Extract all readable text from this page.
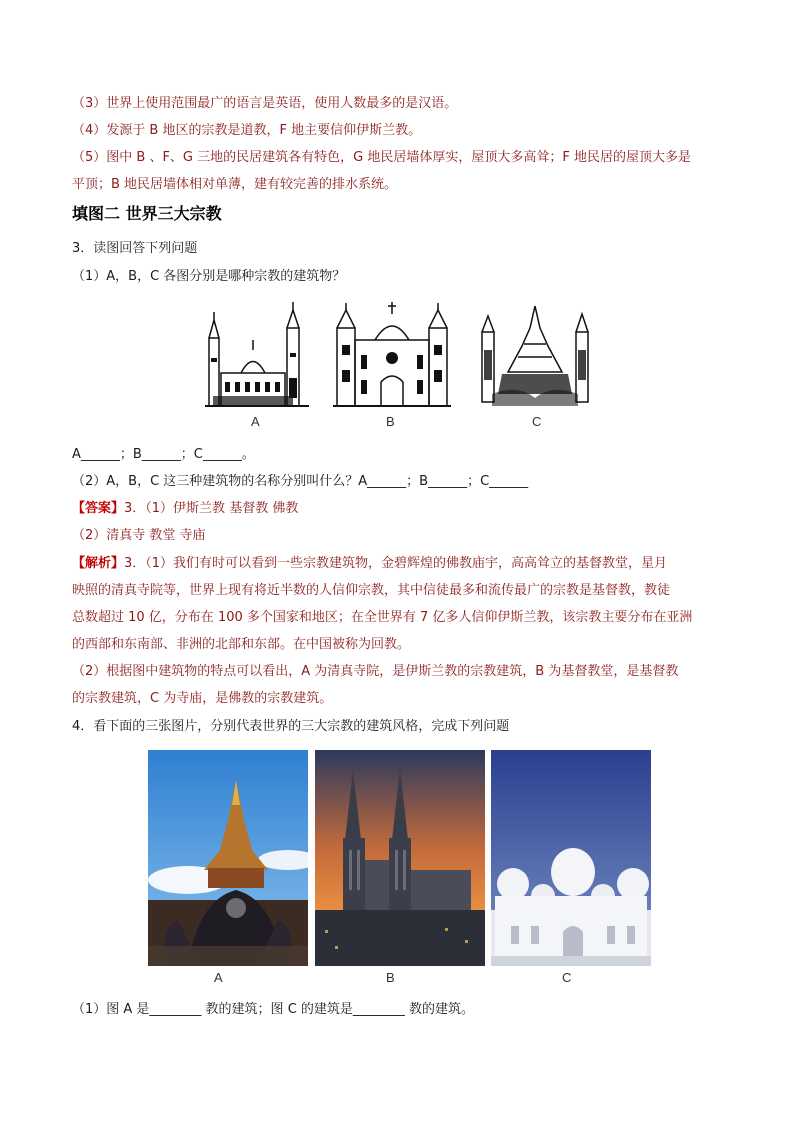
（3）世界上使用范围最广的语言是英语，使用人数最多的是汉语。
（4）发源于 B 地区的宗教是道教，F 地主要信仰伊斯兰教。
（5）图中 B 、F、G 三地的民居建筑各有特色，G 地民居墙体厚实，屋顶大多高耸；F 地民居的屋顶大多是
平顶；B 地民居墙体相对单薄，建有较完善的排水系统。
填图二 世界三大宗教
3．读图回答下列问题
（1）A，B，C 各图分别是哪种宗教的建筑物？
A	B	C
A______；B______；C______。
（2）A，B，C 这三种建筑物的名称分别叫什么？A______；B______；C______
【答案】3．（1）伊斯兰教 基督教 佛教
（2）清真寺 教堂 寺庙
【解析】3．（1）我们有时可以看到一些宗教建筑物，金碧辉煌的佛教庙宇，高高耸立的基督教堂，星月
映照的清真寺院等，世界上现有将近半数的人信仰宗教，其中信徒最多和流传最广的宗教是基督教，教徒
总数超过 10 亿，分布在 100 多个国家和地区；在全世界有 7 亿多人信仰伊斯兰教，该宗教主要分布在亚洲
的西部和东南部、非洲的北部和东部。在中国被称为回教。
（2）根据图中建筑物的特点可以看出，A 为清真寺院，是伊斯兰教的宗教建筑，B 为基督教堂，是基督教
的宗教建筑，C 为寺庙，是佛教的宗教建筑。
4．看下面的三张图片，分别代表世界的三大宗教的建筑风格，完成下列问题
A	B	C
（1）图 A 是________ 教的建筑；图 C 的建筑是________ 教的建筑。
